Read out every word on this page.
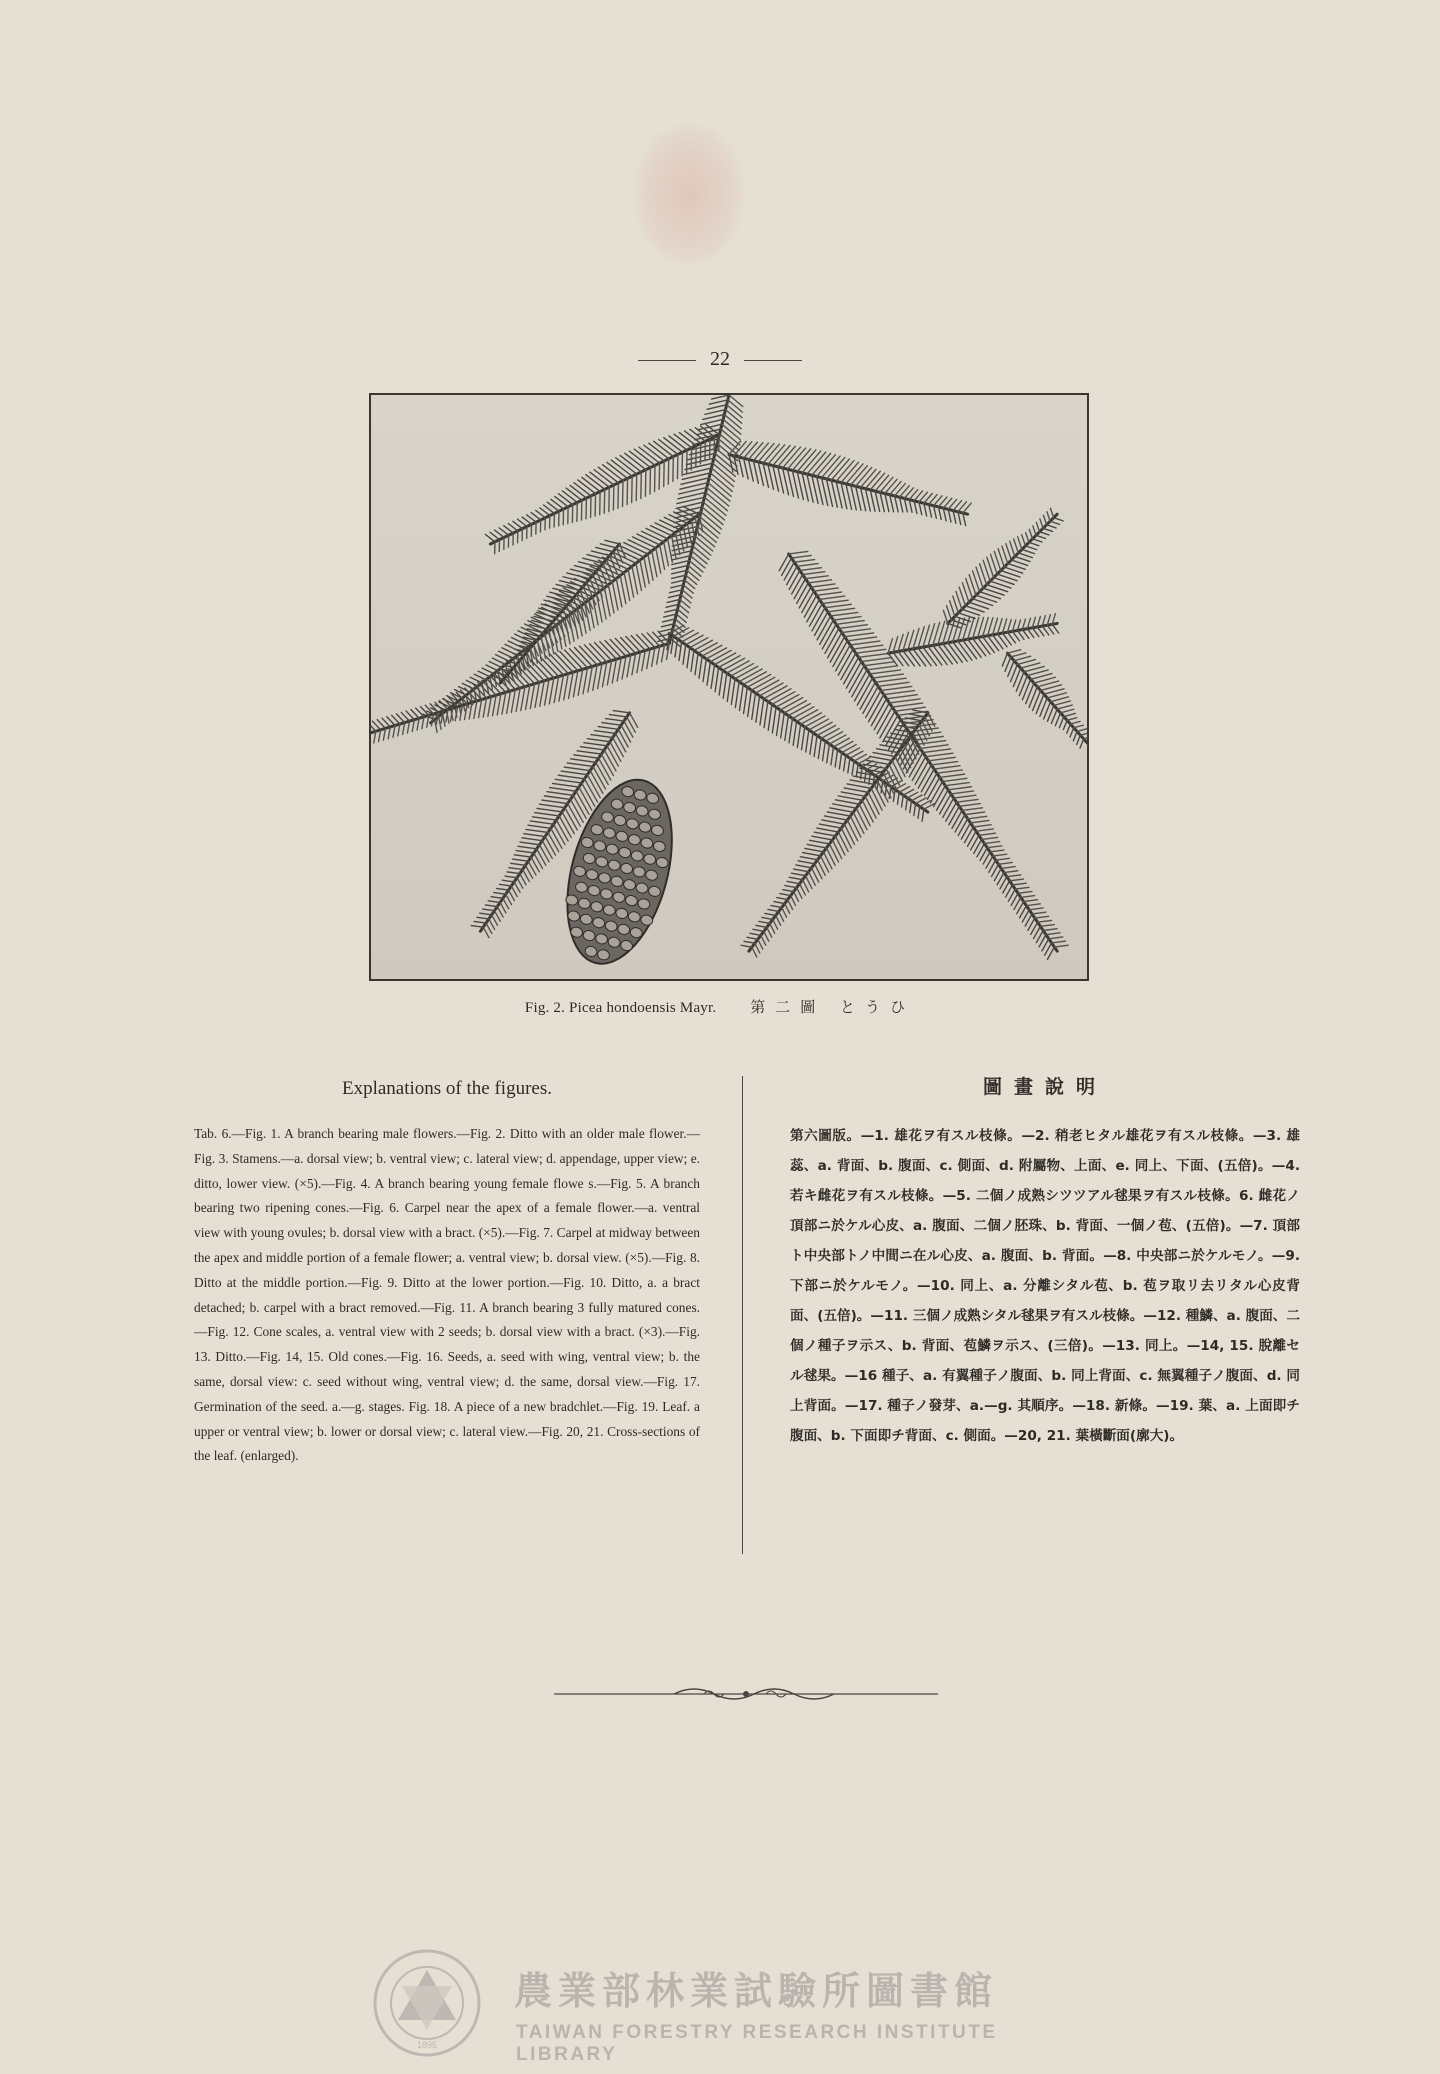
22
Fig. 2. Picea hondoensis Mayr. 第二圖 とうひ
Explanations of the figures.

Tab. 6.—Fig. 1. A branch bearing male flowers.—Fig. 2. Ditto with an older male flower.—Fig. 3. Stamens.—a. dorsal view; b. ventral view; c. lateral view; d. appendage, upper view; e. ditto, lower view. (×5).—Fig. 4. A branch bearing young female flowe s.—Fig. 5. A branch bearing two ripening cones.—Fig. 6. Carpel near the apex of a female flower.—a. ventral view with young ovules; b. dorsal view with a bract. (×5).—Fig. 7. Carpel at midway between the apex and middle portion of a female flower; a. ventral view; b. dorsal view. (×5).—Fig. 8. Ditto at the middle portion.—Fig. 9. Ditto at the lower portion.—Fig. 10. Ditto, a. a bract detached; b. carpel with a bract removed.—Fig. 11. A branch bearing 3 fully matured cones.—Fig. 12. Cone scales, a. ventral view with 2 seeds; b. dorsal view with a bract. (×3).—Fig. 13. Ditto.—Fig. 14, 15. Old cones.—Fig. 16. Seeds, a. seed with wing, ventral view; b. the same, dorsal view: c. seed without wing, ventral view; d. the same, dorsal view.—Fig. 17. Germination of the seed. a.—g. stages. Fig. 18. A piece of a new bradchlet.—Fig. 19. Leaf. a upper or ventral view; b. lower or dorsal view; c. lateral view.—Fig. 20, 21. Cross-sections of the leaf. (enlarged).

圖畫說明

第六圖版。—1. 雄花ヲ有スル枝條。—2. 稍老ヒタル雄花ヲ有スル枝條。—3. 雄蕊、a. 背面、b. 腹面、c. 側面、d. 附屬物、上面、e. 同上、下面、(五倍)。—4. 若キ雌花ヲ有スル枝條。—5. 二個ノ成熟シツツアル毬果ヲ有スル枝條。6. 雌花ノ頂部ニ於ケル心皮、a. 腹面、二個ノ胚珠、b. 背面、一個ノ苞、(五倍)。—7. 頂部ト中央部トノ中間ニ在ル心皮、a. 腹面、b. 背面。—8. 中央部ニ於ケルモノ。—9. 下部ニ於ケルモノ。—10. 同上、a. 分離シタル苞、b. 苞ヲ取リ去リタル心皮背面、(五倍)。—11. 三個ノ成熟シタル毬果ヲ有スル枝條。—12. 種鱗、a. 腹面、二個ノ種子ヲ示ス、b. 背面、苞鱗ヲ示ス、(三倍)。—13. 同上。—14, 15. 脫離セル毬果。—16 種子、a. 有翼種子ノ腹面、b. 同上背面、c. 無翼種子ノ腹面、d. 同上背面。—17. 種子ノ發芽、a.—g. 其順序。—18. 新條。—19. 葉、a. 上面即チ腹面、b. 下面即チ背面、c. 側面。—20, 21. 葉橫斷面(廓大)。

1895
農業部林業試驗所圖書館
TAIWAN FORESTRY RESEARCH INSTITUTE LIBRARY
